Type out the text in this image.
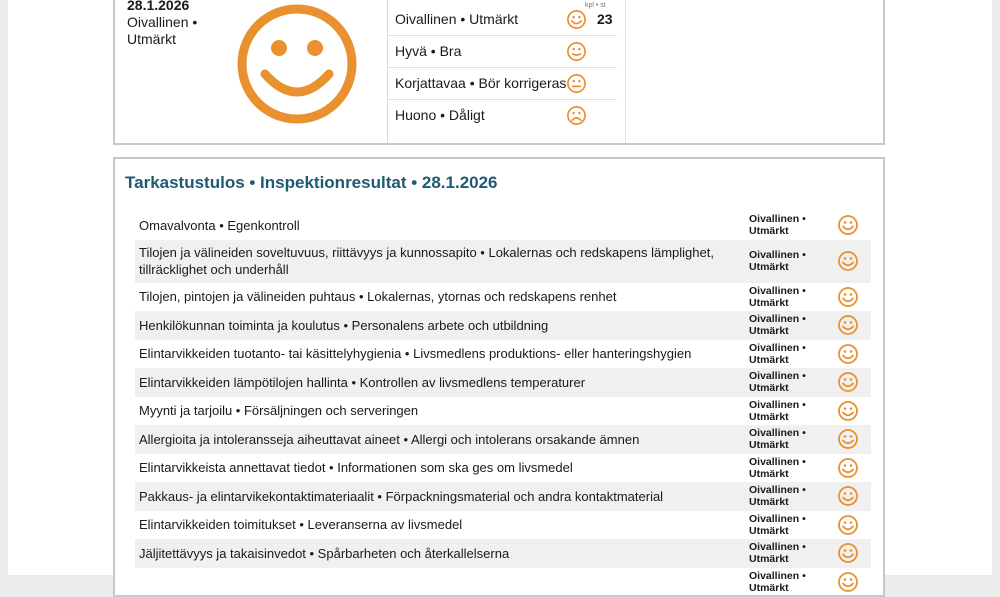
28.1.2026
Oivallinen • Utmärkt
kpl • st
Oivallinen • Utmärkt	23
Hyvä • Bra
Korjattavaa • Bör korrigeras
Huono • Dåligt
Tarkastustulos • Inspektionresultat • 28.1.2026
Omavalvonta • Egenkontroll	Oivallinen •
Utmärkt
Tilojen ja välineiden soveltuvuus, riittävyys ja kunnossapito • Lokalernas och redskapens lämplighet, tillräcklighet och underhåll
Oivallinen •
Utmärkt
Tilojen, pintojen ja välineiden puhtaus • Lokalernas, ytornas och redskapens renhet	Oivallinen •
Utmärkt
Henkilökunnan toiminta ja koulutus • Personalens arbete och utbildning	Oivallinen •
Utmärkt
Elintarvikkeiden tuotanto- tai käsittelyhygienia • Livsmedlens produktions- eller hanteringshygien	Oivallinen •
Utmärkt
Elintarvikkeiden lämpötilojen hallinta • Kontrollen av livsmedlens temperaturer	Oivallinen •
Utmärkt
Myynti ja tarjoilu • Försäljningen och serveringen	Oivallinen •
Utmärkt
Allergioita ja intoleransseja aiheuttavat aineet • Allergi och intolerans orsakande ämnen	Oivallinen •
Utmärkt
Elintarvikkeista annettavat tiedot • Informationen som ska ges om livsmedel	Oivallinen •
Utmärkt
Pakkaus- ja elintarvikekontaktimateriaalit • Förpackningsmaterial och andra kontaktmaterial	Oivallinen •
Utmärkt
Elintarvikkeiden toimitukset • Leveranserna av livsmedel	Oivallinen •
Utmärkt
Jäljitettävyys ja takaisinvedot • Spårbarheten och återkallelserna	Oivallinen •
Utmärkt
Oivallinen •
Utmärkt
